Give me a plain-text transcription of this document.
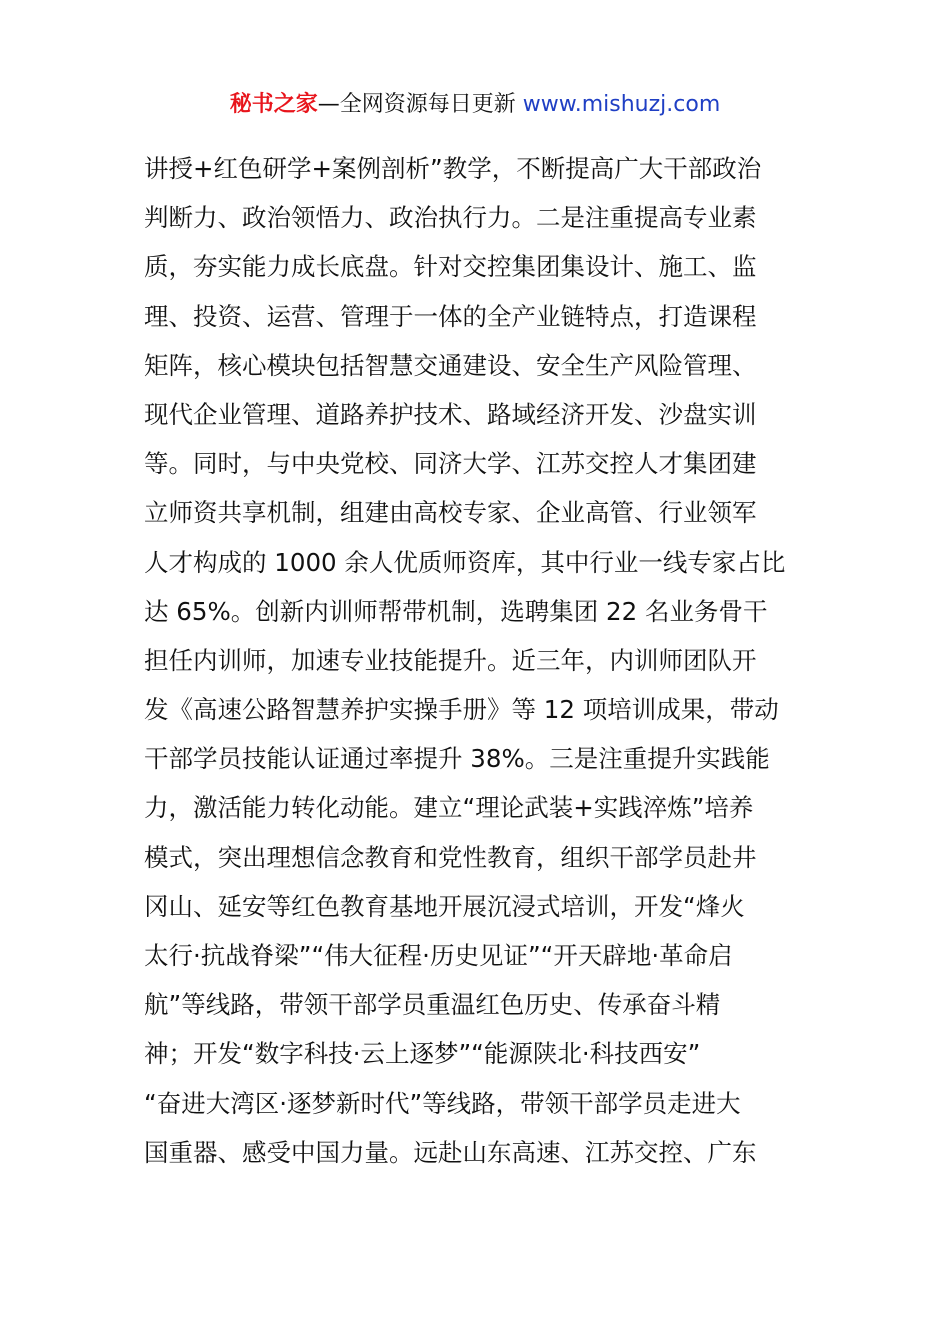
秘书之家—全网资源每日更新 www.mishuzj.com
讲授+红色研学+案例剖析”教学，不断提高广大干部政治
判断力、政治领悟力、政治执行力。二是注重提高专业素
质，夯实能力成长底盘。针对交控集团集设计、施工、监
理、投资、运营、管理于一体的全产业链特点，打造课程
矩阵，核心模块包括智慧交通建设、安全生产风险管理、
现代企业管理、道路养护技术、路域经济开发、沙盘实训
等。同时，与中央党校、同济大学、江苏交控人才集团建
立师资共享机制，组建由高校专家、企业高管、行业领军
人才构成的 1000 余人优质师资库，其中行业一线专家占比
达 65%。创新内训师帮带机制，选聘集团 22 名业务骨干
担任内训师，加速专业技能提升。近三年，内训师团队开
发《高速公路智慧养护实操手册》等 12 项培训成果，带动
干部学员技能认证通过率提升 38%。三是注重提升实践能
力，激活能力转化动能。建立“理论武装+实践淬炼”培养
模式，突出理想信念教育和党性教育，组织干部学员赴井
冈山、延安等红色教育基地开展沉浸式培训，开发“烽火
太行·抗战脊梁”“伟大征程·历史见证”“开天辟地·革命启
航”等线路，带领干部学员重温红色历史、传承奋斗精
神；开发“数字科技·云上逐梦”“能源陕北·科技西安”
“奋进大湾区·逐梦新时代”等线路，带领干部学员走进大
国重器、感受中国力量。远赴山东高速、江苏交控、广东
